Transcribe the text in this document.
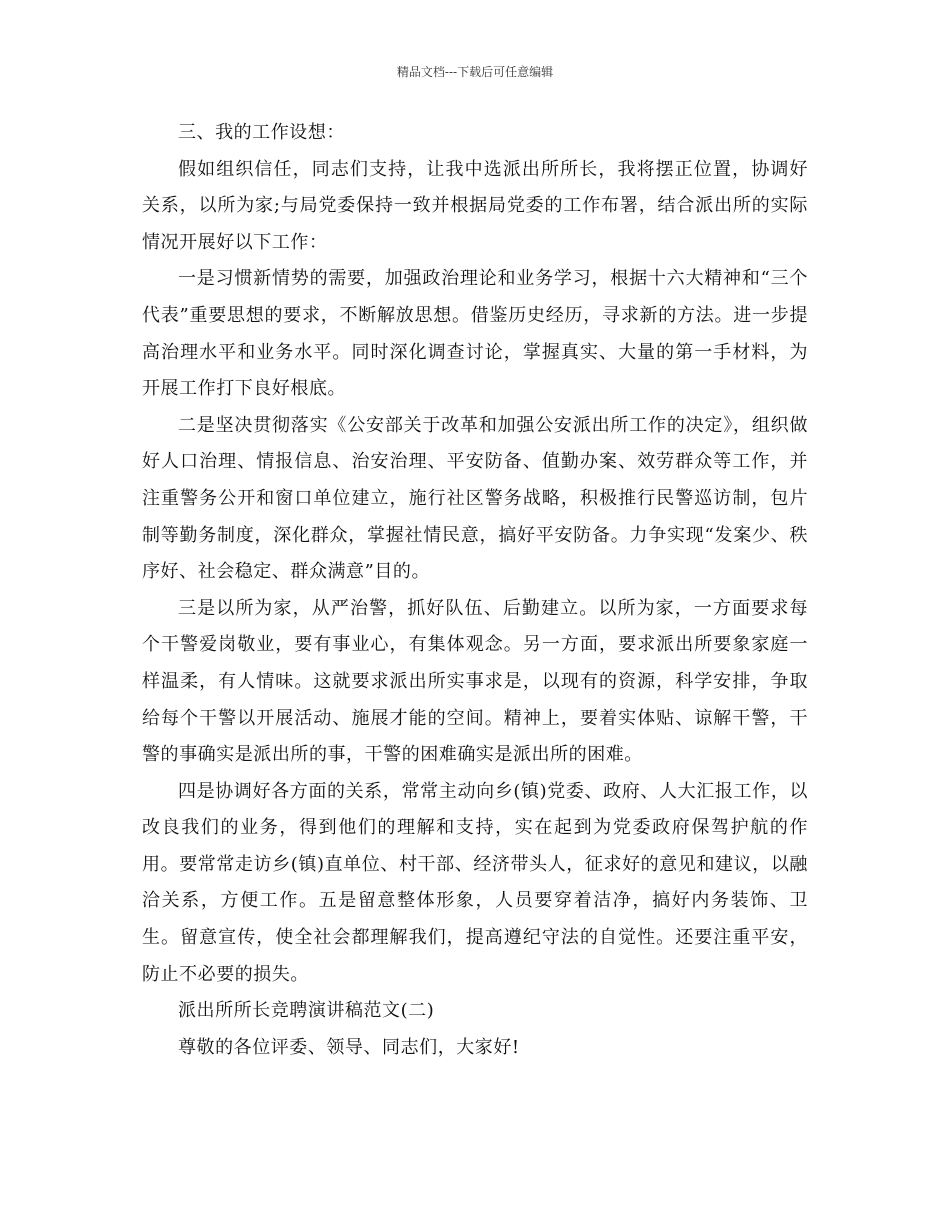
精品文档---下载后可任意编辑

三、我的工作设想：

假如组织信任，同志们支持，让我中选派出所所长，我将摆正位置，协调好关系，以所为家;与局党委保持一致并根据局党委的工作布署，结合派出所的实际情况开展好以下工作：

一是习惯新情势的需要，加强政治理论和业务学习，根据十六大精神和“三个代表”重要思想的要求，不断解放思想。借鉴历史经历，寻求新的方法。进一步提高治理水平和业务水平。同时深化调查讨论，掌握真实、大量的第一手材料，为开展工作打下良好根底。

二是坚决贯彻落实《公安部关于改革和加强公安派出所工作的决定》，组织做好人口治理、情报信息、治安治理、平安防备、值勤办案、效劳群众等工作，并注重警务公开和窗口单位建立，施行社区警务战略，积极推行民警巡访制，包片制等勤务制度，深化群众，掌握社情民意，搞好平安防备。力争实现“发案少、秩序好、社会稳定、群众满意”目的。

三是以所为家，从严治警，抓好队伍、后勤建立。以所为家，一方面要求每个干警爱岗敬业，要有事业心，有集体观念。另一方面，要求派出所要象家庭一样温柔，有人情味。这就要求派出所实事求是，以现有的资源，科学安排，争取给每个干警以开展活动、施展才能的空间。精神上，要着实体贴、谅解干警，干警的事确实是派出所的事，干警的困难确实是派出所的困难。

四是协调好各方面的关系，常常主动向乡(镇)党委、政府、人大汇报工作，以改良我们的业务，得到他们的理解和支持，实在起到为党委政府保驾护航的作用。要常常走访乡(镇)直单位、村干部、经济带头人，征求好的意见和建议，以融洽关系，方便工作。五是留意整体形象，人员要穿着洁净，搞好内务装饰、卫生。留意宣传，使全社会都理解我们，提高遵纪守法的自觉性。还要注重平安，防止不必要的损失。

派出所所长竞聘演讲稿范文(二)

尊敬的各位评委、领导、同志们，大家好!
